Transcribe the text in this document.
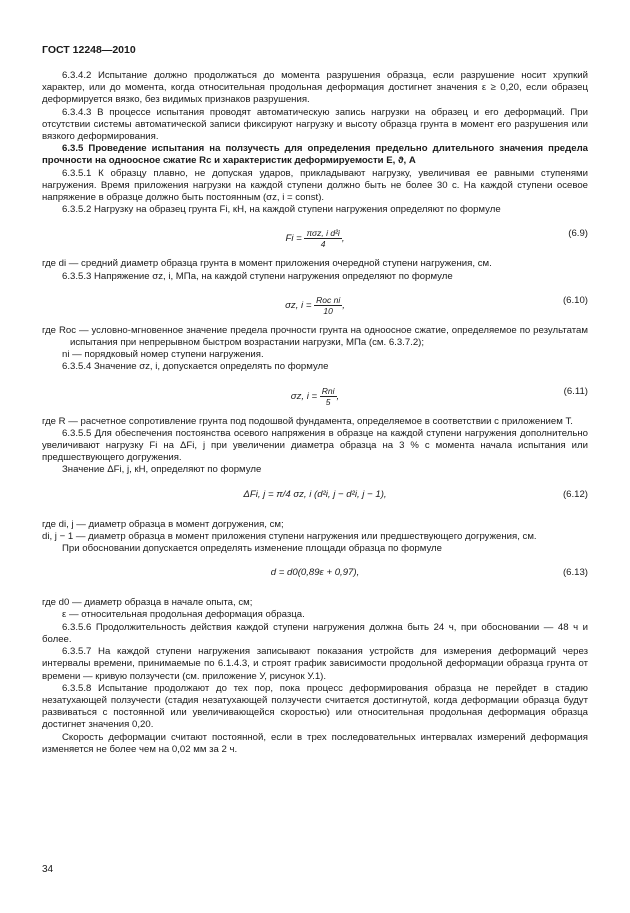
ГОСТ 12248—2010

6.3.4.2 Испытание должно продолжаться до момента разрушения образца, если разрушение носит хрупкий характер, или до момента, когда относительная продольная деформация достигнет значения ε ≥ 0,20, если образец деформируется вязко, без видимых признаков разрушения.

6.3.4.3 В процессе испытания проводят автоматическую запись нагрузки на образец и его деформаций. При отсутствии системы автоматической записи фиксируют нагрузку и высоту образца грунта в момент его разрушения или вязкого деформирования.

6.3.5 Проведение испытания на ползучесть для определения предельно длительного значения предела прочности на одноосное сжатие Rc и характеристик деформируемости E, ϑ, A

6.3.5.1 К образцу плавно, не допуская ударов, прикладывают нагрузку, увеличивая ее равными ступенями нагружения. Время приложения нагрузки на каждой ступени должно быть не более 30 с. На каждой ступени осевое напряжение в образце должно быть постоянным (σz, i = const).

6.3.5.2 Нагрузку на образец грунта Fi, кН, на каждой ступени нагружения определяют по формуле

$Fi = \frac{\text{πσz, i d²i}}{4}$ ,	(6.9)

где di — средний диаметр образца грунта в момент приложения очередной ступени нагружения, см.

6.3.5.3 Напряжение σz, i, МПа, на каждой ступени нагружения определяют по формуле

σz, $i = \frac{\text{Rос ni}}{10}$ ,	(6.10)

где Rос — условно-мгновенное значение предела прочности грунта на одноосное сжатие, определяемое по результатам испытания при непрерывном быстром возрастании нагрузки, МПа (см. 6.3.7.2);

ni — порядковый номер ступени нагружения.

6.3.5.4 Значение σz, i, допускается определять по формуле

σz, $i = \frac{\text{Rni}}{5}$ ,	(6.11)

где R — расчетное сопротивление грунта под подошвой фундамента, определяемое в соответствии с приложением Т.

6.3.5.5 Для обеспечения постоянства осевого напряжения в образце на каждой ступени нагружения дополнительно увеличивают нагрузку Fi на ΔFi, j при увеличении диаметра образца на 3 % с момента начала испытания или предшествующего догружения.

Значение ΔFi, j, кН, определяют по формуле

ΔFi, j = π/4 σz, i (d²i, j − d²i, j − 1),	(6.12)

где di, j — диаметр образца в момент догружения, см;

di, j − 1 — диаметр образца в момент приложения ступени нагружения или предшествующего догружения, см.

При обосновании допускается определять изменение площади образца по формуле

d = d0(0,89ε + 0,97),	(6.13)

где d0 — диаметр образца в начале опыта, см;

ε — относительная продольная деформация образца.

6.3.5.6 Продолжительность действия каждой ступени нагружения должна быть 24 ч, при обосновании — 48 ч и более.

6.3.5.7 На каждой ступени нагружения записывают показания устройств для измерения деформаций через интервалы времени, принимаемые по 6.1.4.3, и строят график зависимости продольной деформации образца грунта от времени — кривую ползучести (см. приложение У, рисунок У.1).

6.3.5.8 Испытание продолжают до тех пор, пока процесс деформирования образца не перейдет в стадию незатухающей ползучести (стадия незатухающей ползучести считается достигнутой, когда деформации образца будут развиваться с постоянной или увеличивающейся скоростью) или относительная продольная деформация образца достигнет значения 0,20.

Скорость деформации считают постоянной, если в трех последовательных интервалах измерений деформация изменяется не более чем на 0,02 мм за 2 ч.

34
